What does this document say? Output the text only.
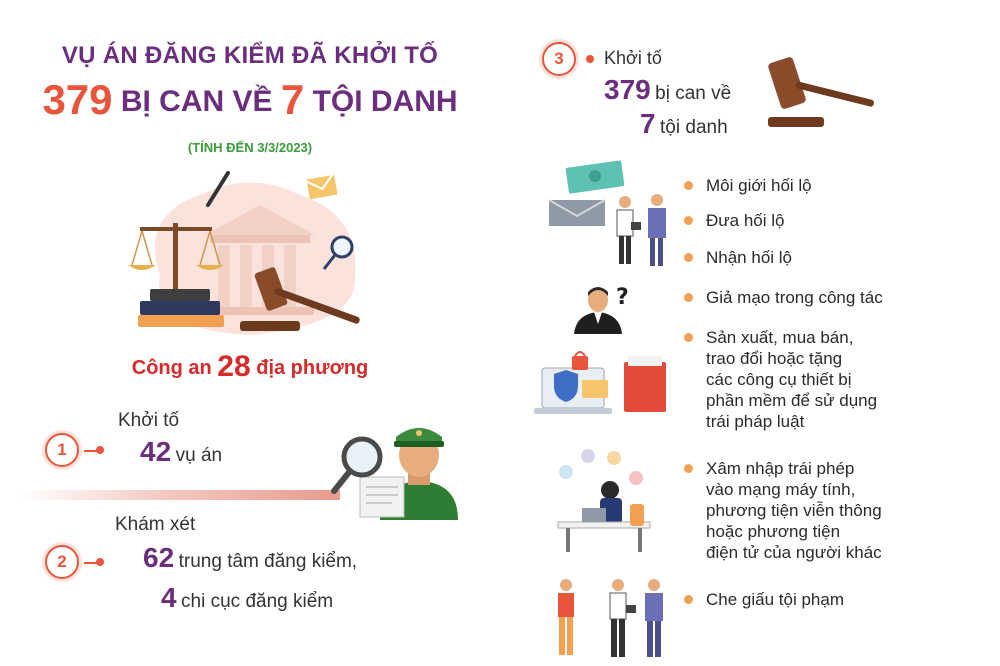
VỤ ÁN ĐĂNG KIỂM ĐÃ KHỞI TỐ
379 BỊ CAN VỀ 7 TỘI DANH
(TÍNH ĐẾN 3/3/2023)
Công an 28 địa phương
Khởi tố
1	42 vụ án
Khám xét
2	62 trung tâm đăng kiểm,
4 chi cục đăng kiểm
3	Khởi tố
379 bị can về
7 tội danh
?
Môi giới hối lộ
Đưa hối lộ
Nhận hối lộ
Giả mạo trong công tác
Sản xuất, mua bán,
trao đổi hoặc tặng
các công cụ thiết bị
phần mềm để sử dụng
trái pháp luật
Xâm nhập trái phép
vào mạng máy tính,
phương tiện viễn thông
hoặc phương tiện
điện tử của người khác
Che giấu tội phạm
